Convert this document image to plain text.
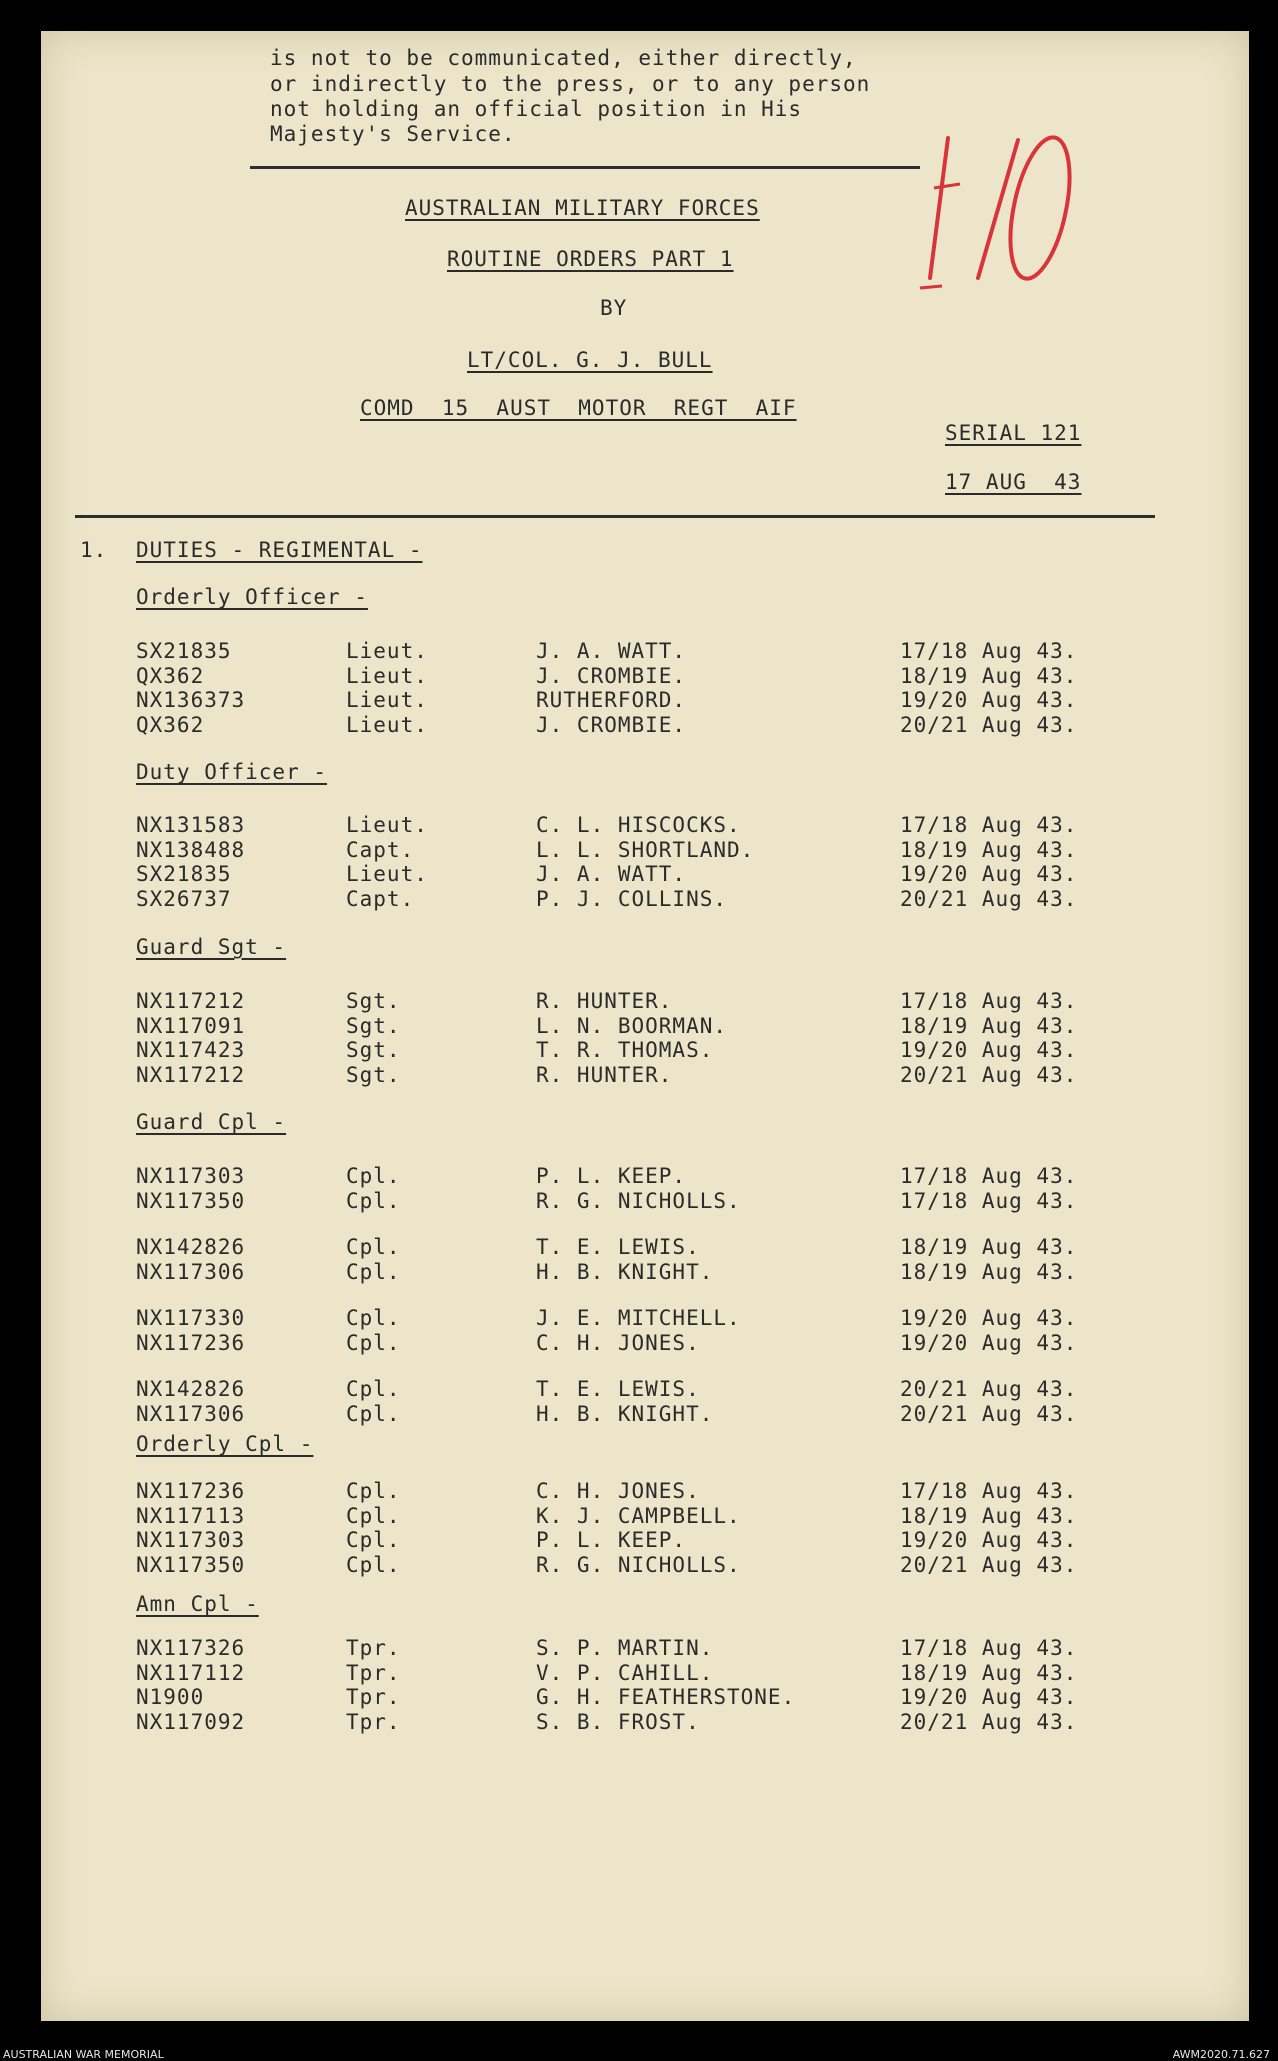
is not to be communicated, either directly,
or indirectly to the press, or to any person
not holding an official position in His
Majesty's Service.
AUSTRALIAN MILITARY FORCES
ROUTINE ORDERS PART 1
BY
LT/COL. G. J. BULL
COMD  15  AUST  MOTOR  REGT  AIF
SERIAL 121
17 AUG  43
1. DUTIES - REGIMENTAL -
Orderly Officer -
SX21835	Lieut.	J. A. WATT.	17/18 Aug 43.
QX362	Lieut.	J. CROMBIE.	18/19 Aug 43.
NX136373	Lieut.	RUTHERFORD.	19/20 Aug 43.
QX362	Lieut.	J. CROMBIE.	20/21 Aug 43.
Duty Officer -
NX131583	Lieut.	C. L. HISCOCKS.	17/18 Aug 43.
NX138488	Capt.	L. L. SHORTLAND.	18/19 Aug 43.
SX21835	Lieut.	J. A. WATT.	19/20 Aug 43.
SX26737	Capt.	P. J. COLLINS.	20/21 Aug 43.
Guard Sgt -
NX117212	Sgt.	R. HUNTER.	17/18 Aug 43.
NX117091	Sgt.	L. N. BOORMAN.	18/19 Aug 43.
NX117423	Sgt.	T. R. THOMAS.	19/20 Aug 43.
NX117212	Sgt.	R. HUNTER.	20/21 Aug 43.
Guard Cpl -
NX117303	Cpl.	P. L. KEEP.	17/18 Aug 43.
NX117350	Cpl.	R. G. NICHOLLS.	17/18 Aug 43.
NX142826	Cpl.	T. E. LEWIS.	18/19 Aug 43.
NX117306	Cpl.	H. B. KNIGHT.	18/19 Aug 43.
NX117330	Cpl.	J. E. MITCHELL.	19/20 Aug 43.
NX117236	Cpl.	C. H. JONES.	19/20 Aug 43.
NX142826	Cpl.	T. E. LEWIS.	20/21 Aug 43.
NX117306	Cpl.	H. B. KNIGHT.	20/21 Aug 43.
Orderly Cpl -
NX117236	Cpl.	C. H. JONES.	17/18 Aug 43.
NX117113	Cpl.	K. J. CAMPBELL.	18/19 Aug 43.
NX117303	Cpl.	P. L. KEEP.	19/20 Aug 43.
NX117350	Cpl.	R. G. NICHOLLS.	20/21 Aug 43.
Amn Cpl -
NX117326	Tpr.	S. P. MARTIN.	17/18 Aug 43.
NX117112	Tpr.	V. P. CAHILL.	18/19 Aug 43.
N1900	Tpr.	G. H. FEATHERSTONE.	19/20 Aug 43.
NX117092	Tpr.	S. B. FROST.	20/21 Aug 43.
AUSTRALIAN WAR MEMORIAL	AWM2020.71.627
